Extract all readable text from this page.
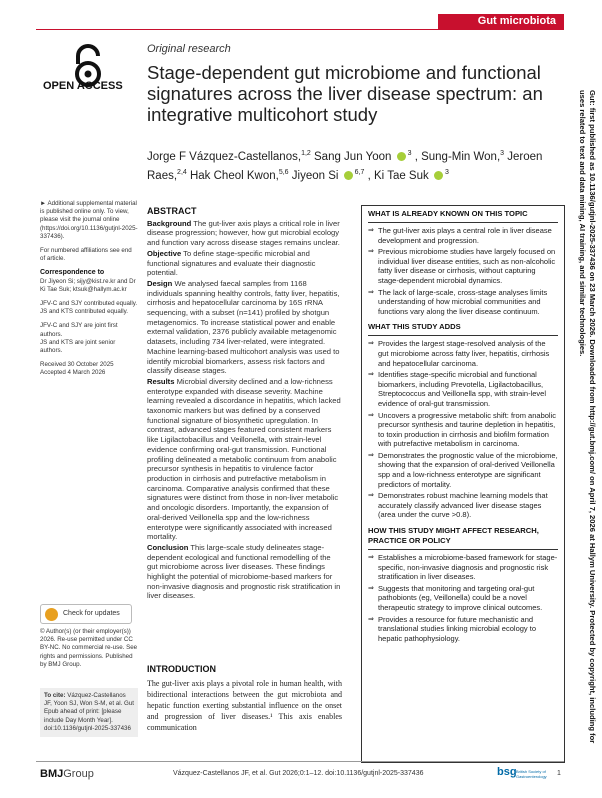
Gut microbiota
OPEN ACCESS
Original research
Stage-dependent gut microbiome and functional signatures across the liver disease spectrum: an integrative multicohort study
Jorge F Vázquez-Castellanos,$^{1,2}$ Sang Jun Yoon $^3$ , Sung-Min Won,$^3$ Jeroen Raes,$^{2,4}$ Hak Cheol Kwon,$^{5,6}$ Jiyeon Si $^{6,7}$ , Ki Tae Suk $^3$

► Additional supplemental material is published online only. To view, please visit the journal online (https://doi.org/10.1136/gutjnl-2025-337436).

For numbered affiliations see end of article.

Correspondence to
Dr Jiyeon Si; sijy@kist.re.kr and Dr Ki Tae Suk; ktsuk@hallym.ac.kr

JFV-C and SJY contributed equally.
JS and KTS contributed equally.

JFV-C and SJY are joint first authors.
JS and KTS are joint senior authors.

Received 30 October 2025
Accepted 4 March 2026

Check for updates

© Author(s) (or their employer(s)) 2026. Re-use permitted under CC BY-NC. No commercial re-use. See rights and permissions. Published by BMJ Group.

To cite: Vázquez-Castellanos JF, Yoon SJ, Won S-M, et al. Gut Epub ahead of print: [please include Day Month Year]. doi:10.1136/gutjnl-2025-337436
ABSTRACT

Background The gut-liver axis plays a critical role in liver disease progression; however, how gut microbial ecology and function vary across disease stages remains unclear.

Objective To define stage-specific microbial and functional signatures and evaluate their diagnostic potential.

Design We analysed faecal samples from 1168 individuals spanning healthy controls, fatty liver, hepatitis, cirrhosis and hepatocellular carcinoma by 16S rRNA sequencing, with a subset (n=141) profiled by shotgun metagenomics. To increase statistical power and enable external validation, 2376 publicly available metagenomic datasets, including 734 liver-related, were integrated. Machine learning-based multicohort analysis was used to identify microbial biomarkers, assess risk factors and classify disease stages.

Results Microbial diversity declined and a low-richness enterotype expanded with disease severity. Machine learning revealed a discordance in hepatitis, which lacked taxonomic markers but was defined by a conserved functional signature of biosynthetic upregulation. In contrast, advanced stages featured consistent markers like Ligilactobacillus and Veillonella, with strain-level evidence confirming oral-gut transmission. Functional profiling delineated a metabolic continuum from anabolic precursor synthesis in hepatitis to virulence factor production in cirrhosis and putrefactive metabolism in carcinoma. Comparative analysis confirmed that these signatures were distinct from those in non-liver metabolic and oncologic disorders. Importantly, the expansion of oral-derived Veillonella spp and the low-richness enterotype were significantly associated with increased mortality.

Conclusion This large-scale study delineates stage-dependent ecological and functional remodelling of the gut microbiome across liver diseases. These findings highlight the potential of microbiome-based markers for non-invasive diagnosis and prognostic risk stratification in liver diseases.

INTRODUCTION

The gut-liver axis plays a pivotal role in human health, with bidirectional interactions between the gut microbiota and hepatic function exerting substantial influence on the onset and progression of liver diseases.¹ This axis enables communication

WHAT IS ALREADY KNOWN ON THIS TOPIC
⇒ The gut-liver axis plays a central role in liver disease development and progression.
⇒ Previous microbiome studies have largely focused on individual liver disease entities, such as non-alcoholic fatty liver disease or cirrhosis, without capturing stage-dependent microbial dynamics.
⇒ The lack of large-scale, cross-stage analyses limits understanding of how microbial communities and functions vary along the liver disease continuum.
WHAT THIS STUDY ADDS
⇒ Provides the largest stage-resolved analysis of the gut microbiome across fatty liver, hepatitis, cirrhosis and hepatocellular carcinoma.
⇒ Identifies stage-specific microbial and functional biomarkers, including Prevotella, Ligilactobacillus, Streptococcus and Veillonella spp, with strain-level evidence of oral-gut transmission.
⇒ Uncovers a progressive metabolic shift: from anabolic precursor synthesis and taurine depletion in hepatitis, to toxin production in cirrhosis and biofilm formation with putrefactive metabolism in carcinoma.
⇒ Demonstrates the prognostic value of the microbiome, showing that the expansion of oral-derived Veillonella spp and a low-richness enterotype are significant predictors of mortality.
⇒ Demonstrates robust machine learning models that accurately classify advanced liver disease stages (area under the curve >0.8).
HOW THIS STUDY MIGHT AFFECT RESEARCH, PRACTICE OR POLICY
⇒ Establishes a microbiome-based framework for stage-specific, non-invasive diagnosis and prognostic risk stratification in liver diseases.
⇒ Suggests that monitoring and targeting oral-gut pathobionts (eg, Veillonella) could be a novel therapeutic strategy to improve clinical outcomes.
⇒ Provides a resource for future mechanistic and translational studies linking microbial ecology to hepatic pathophysiology.
BMJGroup	Vázquez-Castellanos JF, et al. Gut 2026;0:1–12. doi:10.1136/gutjnl-2025-337436	bsg British Society of Gastroenterology 1
Gut: first published as 10.1136/gutjnl-2025-337436 on 23 March 2026. Downloaded from http://gut.bmj.com/ on April 7, 2026 at Hallym University. Protected by copyright, including for uses related to text and data mining, AI training, and similar technologies.
